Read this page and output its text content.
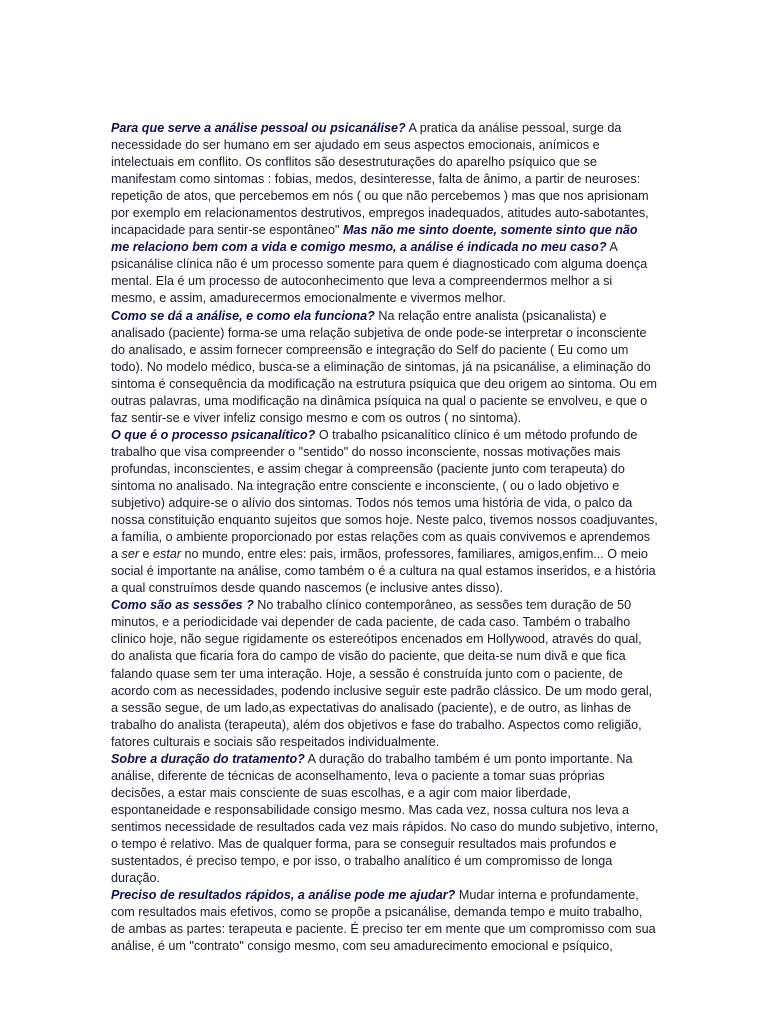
Para que serve a análise pessoal ou psicanálise? A pratica da análise pessoal, surge da necessidade do ser humano em ser ajudado em seus aspectos emocionais, anímicos e intelectuais em conflito. Os conflitos são desestruturações do aparelho psíquico que se manifestam como sintomas : fobias, medos, desinteresse, falta de ânimo, a partir de neuroses: repetição de atos, que percebemos em nós ( ou que não percebemos ) mas que nos aprisionam por exemplo em relacionamentos destrutivos, empregos inadequados, atitudes auto-sabotantes, incapacidade para sentir-se espontâneo" Mas não me sinto doente, somente sinto que não me relaciono bem com a vida e comigo mesmo, a análise é indicada no meu caso? A psicanálise clínica não é um processo somente para quem é diagnosticado com alguma doença mental. Ela é um processo de autoconhecimento que leva a compreendermos melhor a si mesmo, e assim, amadurecermos emocionalmente e vivermos melhor.

Como se dá a análise, e como ela funciona? Na relação entre analista (psicanalista) e analisado (paciente) forma-se uma relação subjetiva de onde pode-se interpretar o inconsciente do analisado, e assim fornecer compreensão e integração do Self do paciente ( Eu como um todo). No modelo médico, busca-se a eliminação de sintomas, já na psicanálise, a eliminação do sintoma é consequência da modificação na estrutura psíquica que deu origem ao sintoma. Ou em outras palavras, uma modificação na dinâmica psíquica na qual o paciente se envolveu, e que o faz sentir-se e viver infeliz consigo mesmo e com os outros ( no sintoma).

O que é o processo psicanalítico? O trabalho psicanalítico clínico é um método profundo de trabalho que visa compreender o "sentido" do nosso inconsciente, nossas motivações mais profundas, inconscientes, e assim chegar à compreensão (paciente junto com terapeuta) do sintoma no analisado. Na integração entre consciente e inconsciente, ( ou o lado objetivo e subjetivo) adquire-se o alívio dos sintomas. Todos nós temos uma história de vida, o palco da nossa constituição enquanto sujeitos que somos hoje. Neste palco, tivemos nossos coadjuvantes, a família, o ambiente proporcionado por estas relações com as quais convivemos e aprendemos a ser e estar no mundo, entre eles: pais, irmãos, professores, familiares, amigos,enfim... O meio social é importante na análise, como também o é a cultura na qual estamos inseridos, e a história a qual construímos desde quando nascemos (e inclusive antes disso).

Como são as sessões ? No trabalho clínico contemporâneo, as sessões tem duração de 50 minutos, e a periodicidade vai depender de cada paciente, de cada caso. Também o trabalho clinico hoje, não segue rigidamente os estereótipos encenados em Hollywood, através do qual, do analista que ficaria fora do campo de visão do paciente, que deita-se num divã e que fica falando quase sem ter uma interação. Hoje, a sessão é construída junto com o paciente, de acordo com as necessidades, podendo inclusive seguir este padrão clássico. De um modo geral, a sessão segue, de um lado,as expectativas do analisado (paciente), e de outro, as linhas de trabalho do analista (terapeuta), além dos objetivos e fase do trabalho. Aspectos como religião, fatores culturais e sociais são respeitados individualmente.

Sobre a duração do tratamento? A duração do trabalho também é um ponto importante. Na análise, diferente de técnicas de aconselhamento, leva o paciente a tomar suas próprias decisões, a estar mais consciente de suas escolhas, e a agir com maior liberdade, espontaneidade e responsabilidade consigo mesmo. Mas cada vez, nossa cultura nos leva a sentimos necessidade de resultados cada vez mais rápidos. No caso do mundo subjetivo, interno, o tempo é relativo. Mas de qualquer forma, para se conseguir resultados mais profundos e sustentados, é preciso tempo, e por isso, o trabalho analítico é um compromisso de longa duração.

Preciso de resultados rápidos, a análise pode me ajudar? Mudar interna e profundamente, com resultados mais efetivos, como se propõe a psicanálise, demanda tempo e muito trabalho, de ambas as partes: terapeuta e paciente. É preciso ter em mente que um compromisso com sua análise, é um "contrato" consigo mesmo, com seu amadurecimento emocional e psíquico,
